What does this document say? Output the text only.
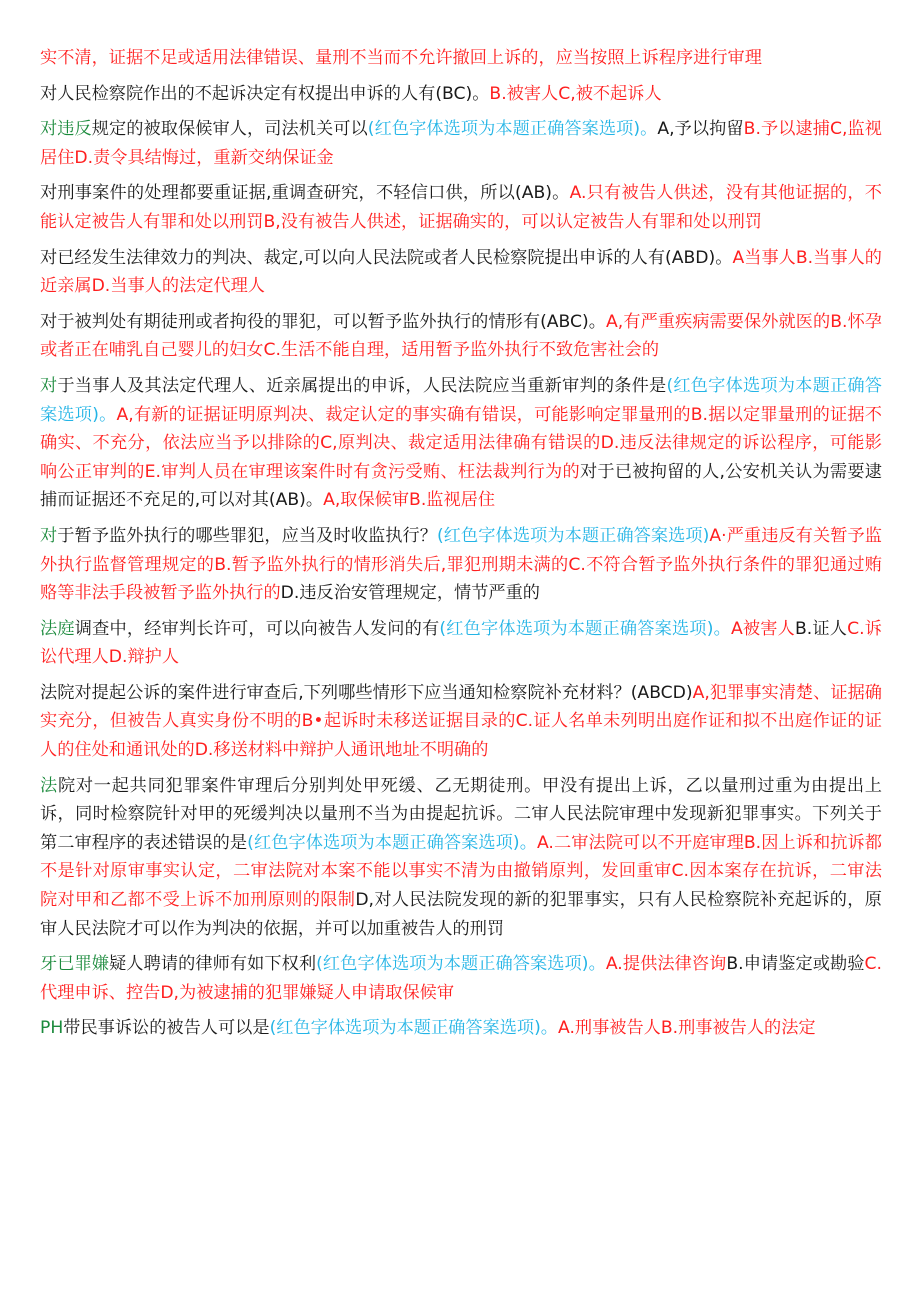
实不清，证据不足或适用法律错误、量刑不当而不允许撤回上诉的，应当按照上诉程序进行审理

对人民检察院作出的不起诉决定有权提出申诉的人有(BC)。B.被害人C,被不起诉人

对违反规定的被取保候审人，司法机关可以(红色字体选项为本题正确答案选项)。A,予以拘留B.予以逮捕C,监视居住D.责令具结悔过，重新交纳保证金

对刑事案件的处理都要重证据,重调查研究，不轻信口供，所以(AB)。A.只有被告人供述，没有其他证据的，不能认定被告人有罪和处以刑罚B,没有被告人供述，证据确实的，可以认定被告人有罪和处以刑罚

对已经发生法律效力的判决、裁定,可以向人民法院或者人民检察院提出申诉的人有(ABD)。A当事人B.当事人的近亲属D.当事人的法定代理人

对于被判处有期徒刑或者拘役的罪犯，可以暂予监外执行的情形有(ABC)。A,有严重疾病需要保外就医的B.怀孕或者正在哺乳自己婴儿的妇女C.生活不能自理，适用暂予监外执行不致危害社会的

对于当事人及其法定代理人、近亲属提出的申诉，人民法院应当重新审判的条件是(红色字体选项为本题正确答案选项)。A,有新的证据证明原判决、裁定认定的事实确有错误，可能影响定罪量刑的B.据以定罪量刑的证据不确实、不充分，依法应当予以排除的C,原判决、裁定适用法律确有错误的D.违反法律规定的诉讼程序，可能影响公正审判的E.审判人员在审理该案件时有贪污受贿、枉法裁判行为的对于已被拘留的人,公安机关认为需要逮捕而证据还不充足的,可以对其(AB)。A,取保候审B.监视居住

对于暂予监外执行的哪些罪犯，应当及时收监执行？(红色字体选项为本题正确答案选项)A·严重违反有关暂予监外执行监督管理规定的B.暂予监外执行的情形消失后,罪犯刑期未满的C.不符合暂予监外执行条件的罪犯通过贿赂等非法手段被暂予监外执行的D.违反治安管理规定，情节严重的

法庭调查中，经审判长许可，可以向被告人发问的有(红色字体选项为本题正确答案选项)。A被害人B.证人C.诉讼代理人D.辩护人

法院对提起公诉的案件进行审查后,下列哪些情形下应当通知检察院补充材料？(ABCD)A,犯罪事实清楚、证据确实充分，但被告人真实身份不明的B•起诉时未移送证据目录的C.证人名单未列明出庭作证和拟不出庭作证的证人的住处和通讯处的D.移送材料中辩护人通讯地址不明确的

法院对一起共同犯罪案件审理后分别判处甲死缓、乙无期徒刑。甲没有提出上诉，乙以量刑过重为由提出上诉，同时检察院针对甲的死缓判决以量刑不当为由提起抗诉。二审人民法院审理中发现新犯罪事实。下列关于第二审程序的表述错误的是(红色字体选项为本题正确答案选项)。A.二审法院可以不开庭审理B.因上诉和抗诉都不是针对原审事实认定，二审法院对本案不能以事实不清为由撤销原判，发回重审C.因本案存在抗诉，二审法院对甲和乙都不受上诉不加刑原则的限制D,对人民法院发现的新的犯罪事实，只有人民检察院补充起诉的，原审人民法院才可以作为判决的依据，并可以加重被告人的刑罚

牙已罪嫌疑人聘请的律师有如下权利(红色字体选项为本题正确答案选项)。A.提供法律咨询B.申请鉴定或勘验C.代理申诉、控告D,为被逮捕的犯罪嫌疑人申请取保候审

PH带民事诉讼的被告人可以是(红色字体选项为本题正确答案选项)。A.刑事被告人B.刑事被告人的法定
